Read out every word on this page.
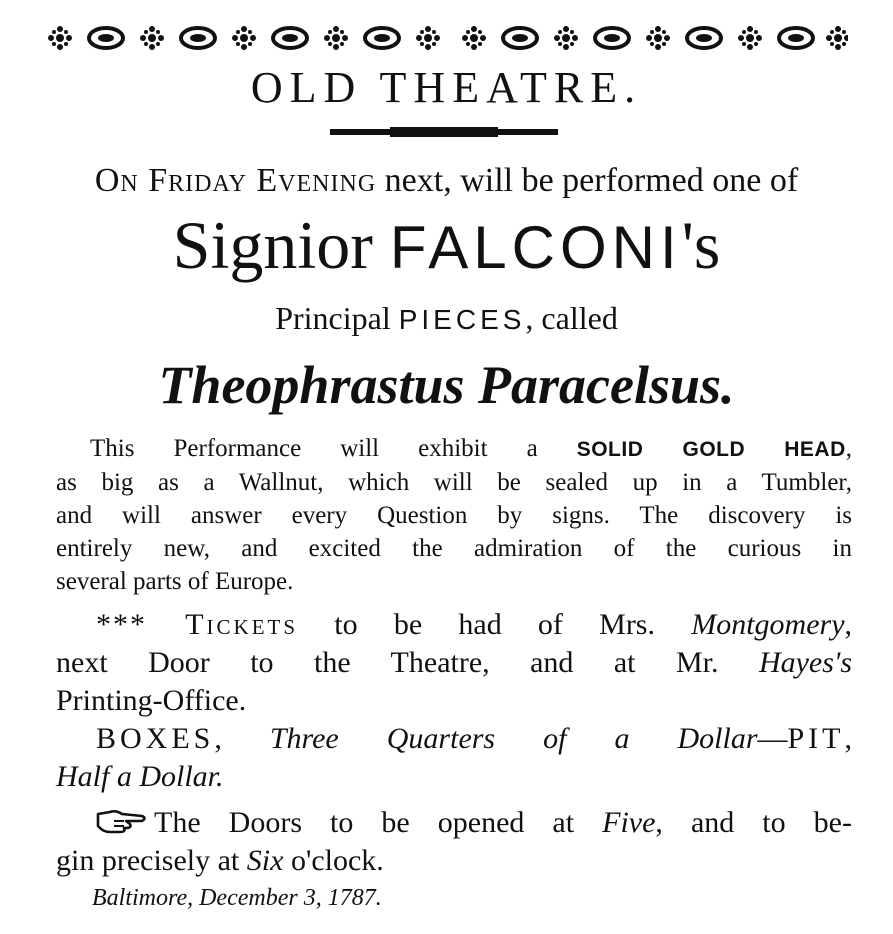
OLD THEATRE.
On Friday Evening next, will be performed one of
Signior FALCONI's
Principal PIECES, called
Theophrastus Paracelsus.
This Performance will exhibit a SOLID GOLD HEAD,
as big as a Wallnut, which will be sealed up in a Tumbler,
and will answer every Question by signs. The discovery is
entirely new, and excited the admiration of the curious in
several parts of Europe.
*** Tickets to be had of Mrs. Montgomery,
next Door to the Theatre, and at Mr. Hayes's
Printing-Office.
BOXES, Three Quarters of a Dollar—PIT,
Half a Dollar.
The Doors to be opened at Five, and to be-
gin precisely at Six o'clock.
Baltimore, December 3, 1787.
